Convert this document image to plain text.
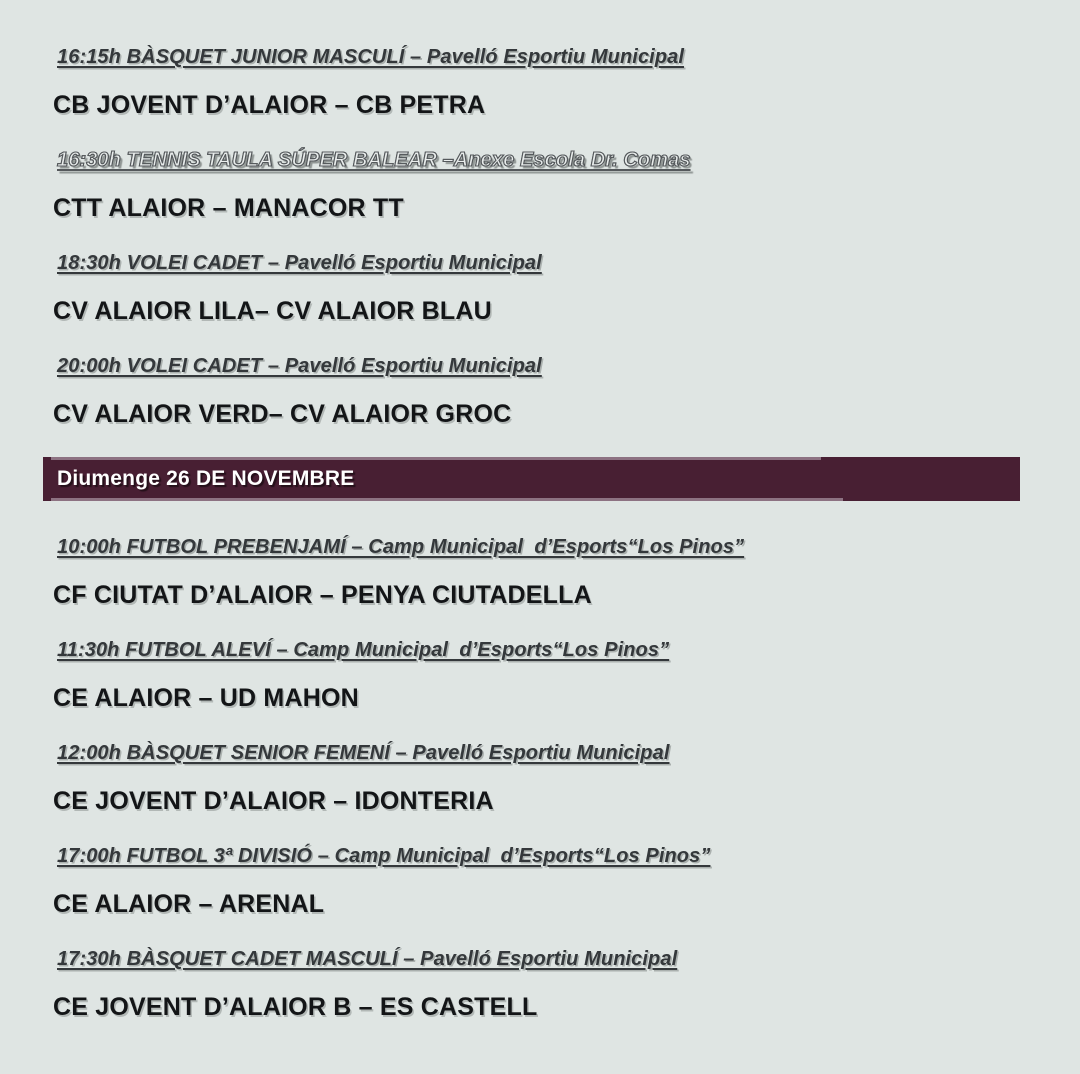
16:15h BÀSQUET JUNIOR MASCULÍ – Pavelló Esportiu Municipal

CB JOVENT D’ALAIOR – CB PETRA

16:30h TENNIS TAULA SÚPER BALEAR –Anexe Escola Dr. Comas

CTT ALAIOR – MANACOR TT

18:30h VOLEI CADET – Pavelló Esportiu Municipal

CV ALAIOR LILA– CV ALAIOR BLAU

20:00h VOLEI CADET – Pavelló Esportiu Municipal

CV ALAIOR VERD– CV ALAIOR GROC

Diumenge 26 DE NOVEMBRE

10:00h FUTBOL PREBENJAMÍ – Camp Municipal  d’Esports“Los Pinos”

CF CIUTAT D’ALAIOR – PENYA CIUTADELLA

11:30h FUTBOL ALEVÍ – Camp Municipal  d’Esports“Los Pinos”

CE ALAIOR – UD MAHON

12:00h BÀSQUET SENIOR FEMENÍ – Pavelló Esportiu Municipal

CE JOVENT D’ALAIOR – IDONTERIA

17:00h FUTBOL 3ª DIVISIÓ – Camp Municipal  d’Esports“Los Pinos”

CE ALAIOR – ARENAL

17:30h BÀSQUET CADET MASCULÍ – Pavelló Esportiu Municipal

CE JOVENT D’ALAIOR B – ES CASTELL
